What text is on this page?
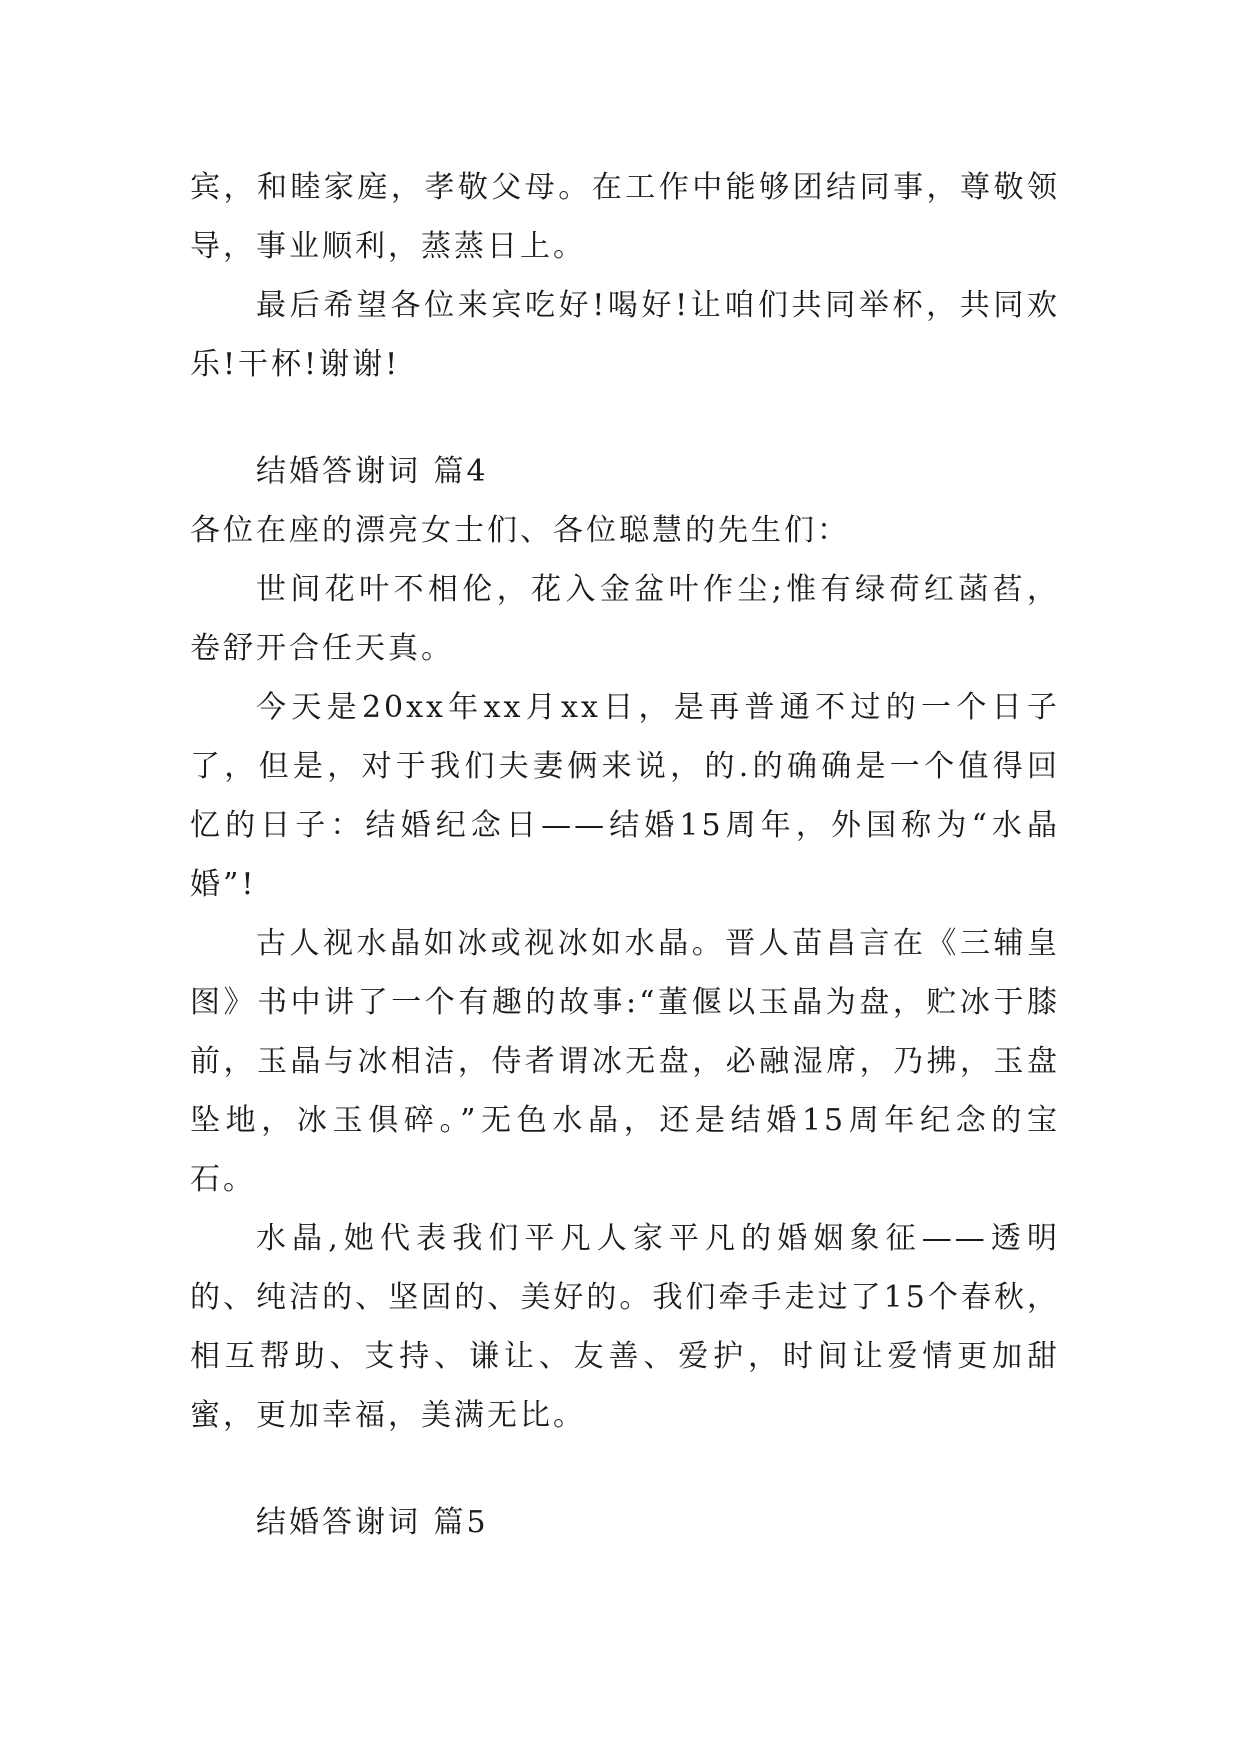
宾，和睦家庭，孝敬父母。在工作中能够团结同事，尊敬领导，事业顺利，蒸蒸日上。

最后希望各位来宾吃好!喝好!让咱们共同举杯，共同欢乐!干杯!谢谢!

结婚答谢词 篇4

各位在座的漂亮女士们、各位聪慧的先生们：

世间花叶不相伦，花入金盆叶作尘;惟有绿荷红菡萏，卷舒开合任天真。

今天是20xx年xx月xx日，是再普通不过的一个日子了，但是，对于我们夫妻俩来说，的.的确确是一个值得回忆的日子：结婚纪念日——结婚15周年，外国称为“水晶婚”!

古人视水晶如冰或视冰如水晶。晋人苗昌言在《三辅皇图》书中讲了一个有趣的故事:“董偃以玉晶为盘，贮冰于膝前，玉晶与冰相洁，侍者谓冰无盘，必融湿席，乃拂，玉盘坠地，冰玉俱碎。”无色水晶，还是结婚15周年纪念的宝石。

水晶,她代表我们平凡人家平凡的婚姻象征——透明的、纯洁的、坚固的、美好的。我们牵手走过了15个春秋，相互帮助、支持、谦让、友善、爱护，时间让爱情更加甜蜜，更加幸福，美满无比。

结婚答谢词 篇5
